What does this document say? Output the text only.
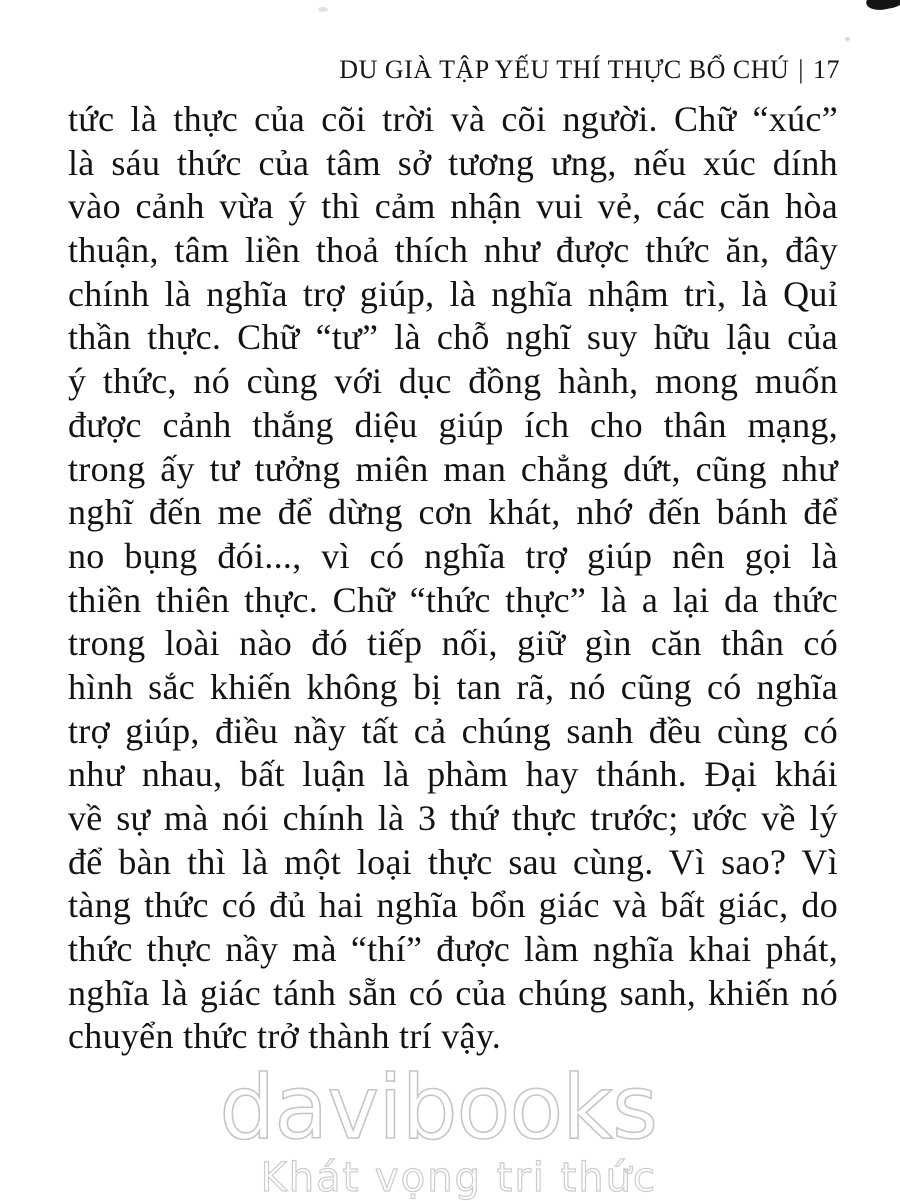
DU GIÀ TẬP YẾU THÍ THỰC BỔ CHÚ | 17
tức là thực của cõi trời và cõi người. Chữ “xúc”
là sáu thức của tâm sở tương ưng, nếu xúc dính
vào cảnh vừa ý thì cảm nhận vui vẻ, các căn hòa
thuận, tâm liền thoả thích như được thức ăn, đây
chính là nghĩa trợ giúp, là nghĩa nhậm trì, là Quỉ
thần thực. Chữ “tư” là chỗ nghĩ suy hữu lậu của
ý thức, nó cùng với dục đồng hành, mong muốn
được cảnh thắng diệu giúp ích cho thân mạng,
trong ấy tư tưởng miên man chẳng dứt, cũng như
nghĩ đến me để dừng cơn khát, nhớ đến bánh để
no bụng đói..., vì có nghĩa trợ giúp nên gọi là
thiền thiên thực. Chữ “thức thực” là a lại da thức
trong loài nào đó tiếp nối, giữ gìn căn thân có
hình sắc khiến không bị tan rã, nó cũng có nghĩa
trợ giúp, điều nầy tất cả chúng sanh đều cùng có
như nhau, bất luận là phàm hay thánh. Đại khái
về sự mà nói chính là 3 thứ thực trước; ước về lý
để bàn thì là một loại thực sau cùng. Vì sao? Vì
tàng thức có đủ hai nghĩa bổn giác và bất giác, do
thức thực nầy mà “thí” được làm nghĩa khai phát,
nghĩa là giác tánh sẵn có của chúng sanh, khiến nó
chuyển thức trở thành trí vậy.
davibooks
Khát vọng tri thức
